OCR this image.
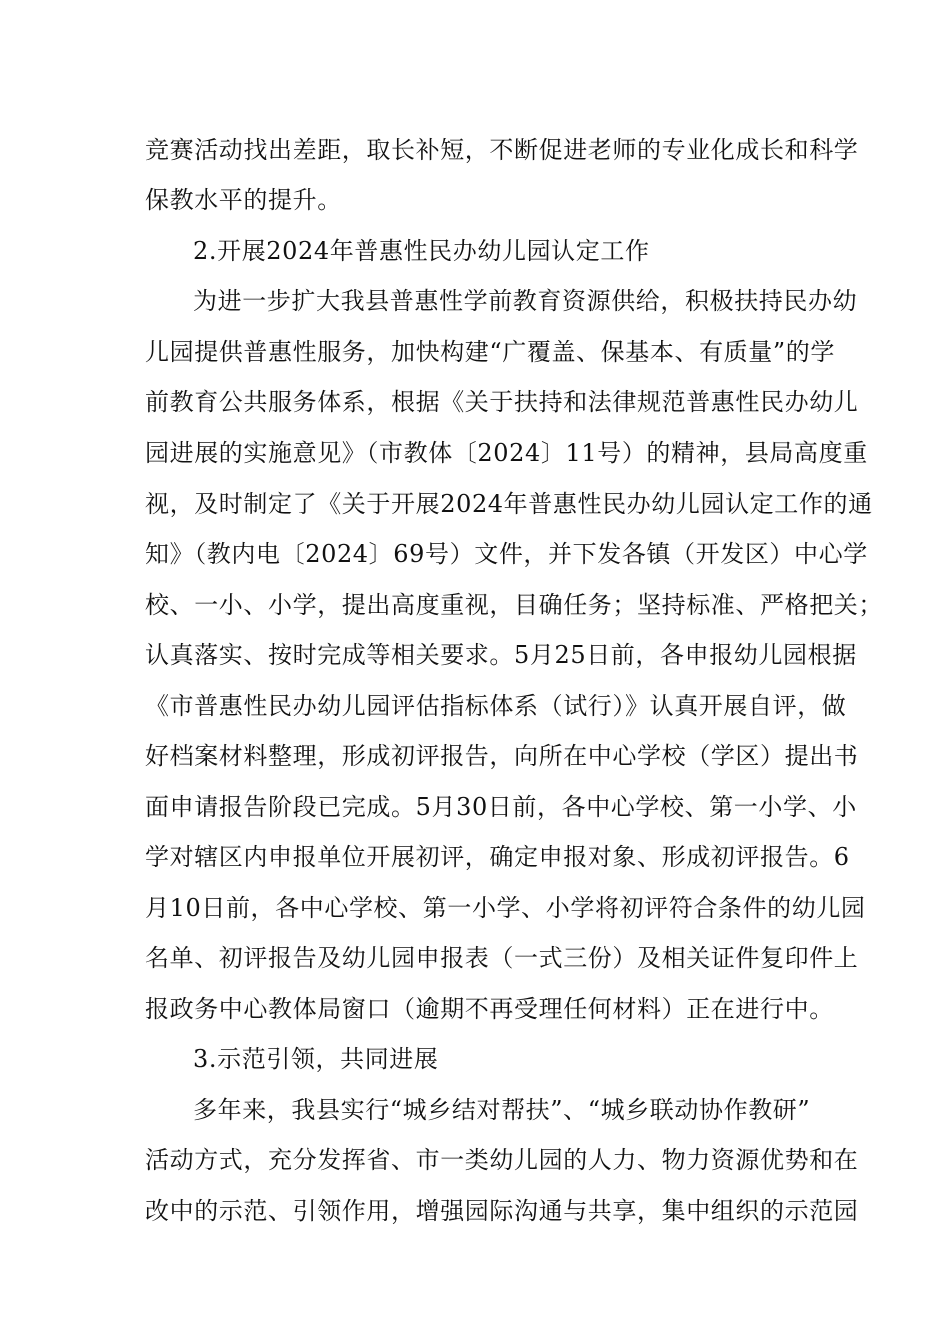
竞赛活动找出差距，取长补短，不断促进老师的专业化成长和科学
保教水平的提升。
2.开展2024年普惠性民办幼儿园认定工作
为进一步扩大我县普惠性学前教育资源供给，积极扶持民办幼
儿园提供普惠性服务，加快构建“广覆盖、保基本、有质量”的学
前教育公共服务体系，根据《关于扶持和法律规范普惠性民办幼儿
园进展的实施意见》（市教体〔2024〕11号）的精神，县局高度重
视，及时制定了《关于开展2024年普惠性民办幼儿园认定工作的通
知》（教内电〔2024〕69号）文件，并下发各镇（开发区）中心学
校、一小、小学，提出高度重视，目确任务；坚持标准、严格把关；
认真落实、按时完成等相关要求。5月25日前，各申报幼儿园根据
《市普惠性民办幼儿园评估指标体系（试行）》认真开展自评，做
好档案材料整理，形成初评报告，向所在中心学校（学区）提出书
面申请报告阶段已完成。5月30日前，各中心学校、第一小学、小
学对辖区内申报单位开展初评，确定申报对象、形成初评报告。6
月10日前，各中心学校、第一小学、小学将初评符合条件的幼儿园
名单、初评报告及幼儿园申报表（一式三份）及相关证件复印件上
报政务中心教体局窗口（逾期不再受理任何材料）正在进行中。
3.示范引领，共同进展
多年来，我县实行“城乡结对帮扶”、“城乡联动协作教研”
活动方式，充分发挥省、市一类幼儿园的人力、物力资源优势和在
改中的示范、引领作用，增强园际沟通与共享，集中组织的示范园
